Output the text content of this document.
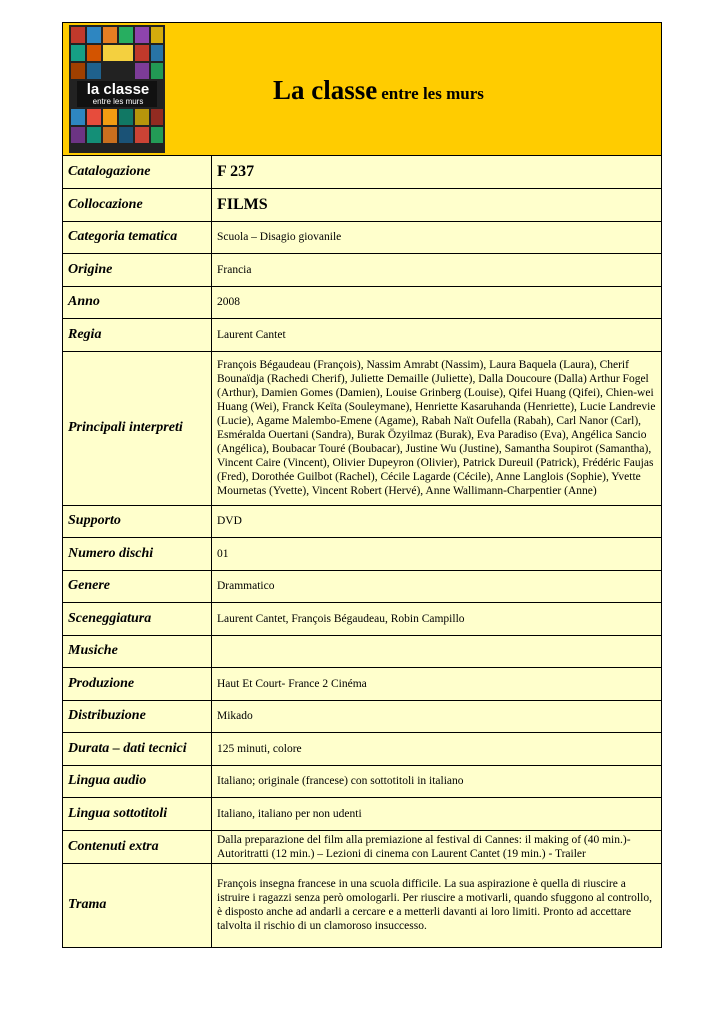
la classe
entre les murs	La classe entre les murs
Catalogazione	F 237
Collocazione	FILMS
Categoria tematica	Scuola – Disagio giovanile
Origine	Francia
Anno	2008
Regia	Laurent Cantet
Principali interpreti	François Bégaudeau (François), Nassim Amrabt (Nassim), Laura Baquela (Laura), Cherif Bounaïdja (Rachedi Cherif), Juliette Demaille (Juliette), Dalla Doucoure (Dalla) Arthur Fogel (Arthur), Damien Gomes (Damien), Louise Grinberg (Louise), Qifei Huang (Qifei), Chien-wei Huang (Wei), Franck Keïta (Souleymane), Henriette Kasaruhanda (Henriette), Lucie Landrevie (Lucie), Agame Malembo-Emene (Agame), Rabah Naït Oufella (Rabah), Carl Nanor (Carl), Esméralda Ouertani (Sandra), Burak Özyilmaz (Burak), Eva Paradiso (Eva), Angélica Sancio (Angélica), Boubacar Touré (Boubacar), Justine Wu (Justine), Samantha Soupirot (Samantha), Vincent Caire (Vincent), Olivier Dupeyron (Olivier), Patrick Dureuil (Patrick), Frédéric Faujas (Fred), Dorothée Guilbot (Rachel), Cécile Lagarde (Cécile), Anne Langlois (Sophie), Yvette Mournetas (Yvette), Vincent Robert (Hervé), Anne Wallimann-Charpentier (Anne)
Supporto	DVD
Numero dischi	01
Genere	Drammatico
Sceneggiatura	Laurent Cantet, François Bégaudeau, Robin Campillo
Musiche	
Produzione	Haut Et Court- France 2 Cinéma
Distribuzione	Mikado
Durata – dati tecnici	125 minuti, colore
Lingua audio	Italiano; originale (francese) con sottotitoli in italiano
Lingua sottotitoli	Italiano, italiano per non udenti
Contenuti extra	Dalla preparazione del film alla premiazione al festival di Cannes: il making of (40 min.)- Autoritratti (12 min.) – Lezioni di cinema con Laurent Cantet (19 min.) - Trailer
Trama	François insegna francese in una scuola difficile. La sua aspirazione è quella di riuscire a istruire i ragazzi senza però omologarli. Per riuscire a motivarli, quando sfuggono al controllo, è disposto anche ad andarli a cercare e a metterli davanti ai loro limiti. Pronto ad accettare talvolta il rischio di un clamoroso insuccesso.
